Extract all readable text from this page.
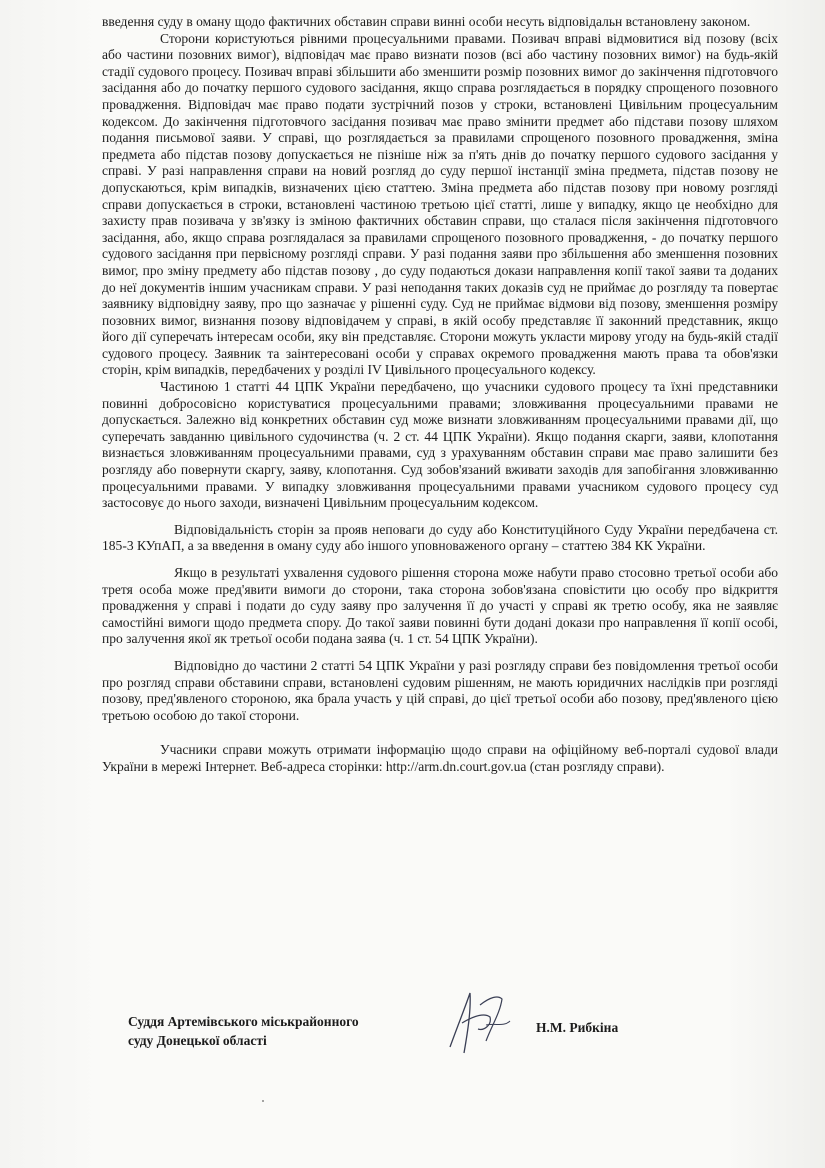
введення суду в оману щодо фактичних обставин справи винні особи несуть відповідальн встановлену законом.

Сторони користуються рівними процесуальними правами. Позивач вправі відмовитися від позову (всіх або частини позовних вимог), відповідач має право визнати позов (всі або частину позовних вимог) на будь-якій стадії судового процесу. Позивач вправі збільшити або зменшити розмір позовних вимог до закінчення підготовчого засідання або до початку першого судового засідання, якщо справа розглядається в порядку спрощеного позовного провадження. Відповідач має право подати зустрічний позов у строки, встановлені Цивільним процесуальним кодексом. До закінчення підготовчого засідання позивач має право змінити предмет або підстави позову шляхом подання письмової заяви. У справі, що розглядається за правилами спрощеного позовного провадження, зміна предмета або підстав позову допускається не пізніше ніж за п'ять днів до початку першого судового засідання у справі. У разі направлення справи на новий розгляд до суду першої інстанції зміна предмета, підстав позову не допускаються, крім випадків, визначених цією статтею. Зміна предмета або підстав позову при новому розгляді справи допускається в строки, встановлені частиною третьою цієї статті, лише у випадку, якщо це необхідно для захисту прав позивача у зв'язку із зміною фактичних обставин справи, що сталася після закінчення підготовчого засідання, або, якщо справа розглядалася за правилами спрощеного позовного провадження, - до початку першого судового засідання при первісному розгляді справи. У разі подання заяви про збільшення або зменшення позовних вимог, про зміну предмету або підстав позову , до суду подаються докази направлення копії такої заяви та доданих до неї документів іншим учасникам справи. У разі неподання таких доказів суд не приймає до розгляду та повертає заявнику відповідну заяву, про що зазначає у рішенні суду. Суд не приймає відмови від позову, зменшення розміру позовних вимог, визнання позову відповідачем у справі, в якій особу представляє її законний представник, якщо його дії суперечать інтересам особи, яку він представляє. Сторони можуть укласти мирову угоду на будь-якій стадії судового процесу. Заявник та заінтересовані особи у справах окремого провадження мають права та обов'язки сторін, крім випадків, передбачених у розділі IV Цивільного процесуального кодексу.

Частиною 1 статті 44 ЦПК України передбачено, що учасники судового процесу та їхні представники повинні добросовісно користуватися процесуальними правами; зловживання процесуальними правами не допускається. Залежно від конкретних обставин суд може визнати зловживанням процесуальними правами дії, що суперечать завданню цивільного судочинства (ч. 2 ст. 44 ЦПК України). Якщо подання скарги, заяви, клопотання визнається зловживанням процесуальними правами, суд з урахуванням обставин справи має право залишити без розгляду або повернути скаргу, заяву, клопотання. Суд зобов'язаний вживати заходів для запобігання зловживанню процесуальними правами. У випадку зловживання процесуальними правами учасником судового процесу суд застосовує до нього заходи, визначені Цивільним процесуальним кодексом.

Відповідальність сторін за прояв неповаги до суду або Конституційного Суду України передбачена ст. 185-3 КУпАП, а за введення в оману суду або іншого уповноваженого органу – статтею 384 КК України.

Якщо в результаті ухвалення судового рішення сторона може набути право стосовно третьої особи або третя особа може пред'явити вимоги до сторони, така сторона зобов'язана сповістити цю особу про відкриття провадження у справі і подати до суду заяву про залучення її до участі у справі як третю особу, яка не заявляє самостійні вимоги щодо предмета спору. До такої заяви повинні бути додані докази про направлення її копії особі, про залучення якої як третьої особи подана заява (ч. 1 ст. 54 ЦПК України).

Відповідно до частини 2 статті 54 ЦПК України у разі розгляду справи без повідомлення третьої особи про розгляд справи обставини справи, встановлені судовим рішенням, не мають юридичних наслідків при розгляді позову, пред'явленого стороною, яка брала участь у цій справі, до цієї третьої особи або позову, пред'явленого цією третьою особою до такої сторони.

Учасники справи можуть отримати інформацію щодо справи на офіційному веб-порталі судової влади України в мережі Інтернет. Веб-адреса сторінки: http://arm.dn.court.gov.ua (стан розгляду справи).

Суддя Артемівського міськрайонного
суду Донецької області
Н.М. Рибкіна
